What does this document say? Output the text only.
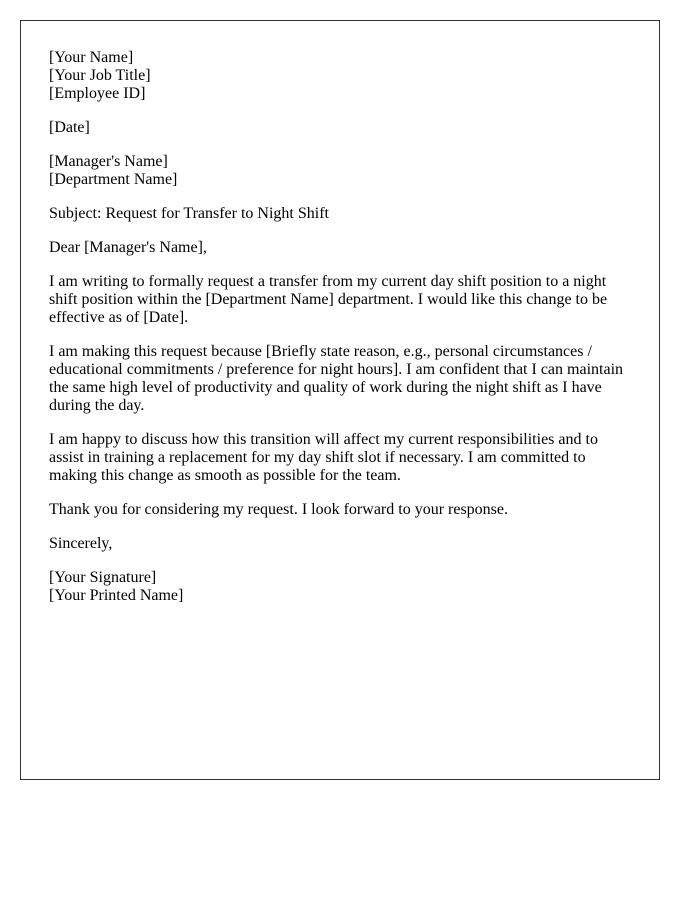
[Your Name]
[Your Job Title]
[Employee ID]
[Date]
[Manager's Name]
[Department Name]
Subject: Request for Transfer to Night Shift
Dear [Manager's Name],
I am writing to formally request a transfer from my current day shift position to a night
shift position within the [Department Name] department. I would like this change to be
effective as of [Date].
I am making this request because [Briefly state reason, e.g., personal circumstances /
educational commitments / preference for night hours]. I am confident that I can maintain
the same high level of productivity and quality of work during the night shift as I have
during the day.
I am happy to discuss how this transition will affect my current responsibilities and to
assist in training a replacement for my day shift slot if necessary. I am committed to
making this change as smooth as possible for the team.
Thank you for considering my request. I look forward to your response.
Sincerely,
[Your Signature]
[Your Printed Name]
